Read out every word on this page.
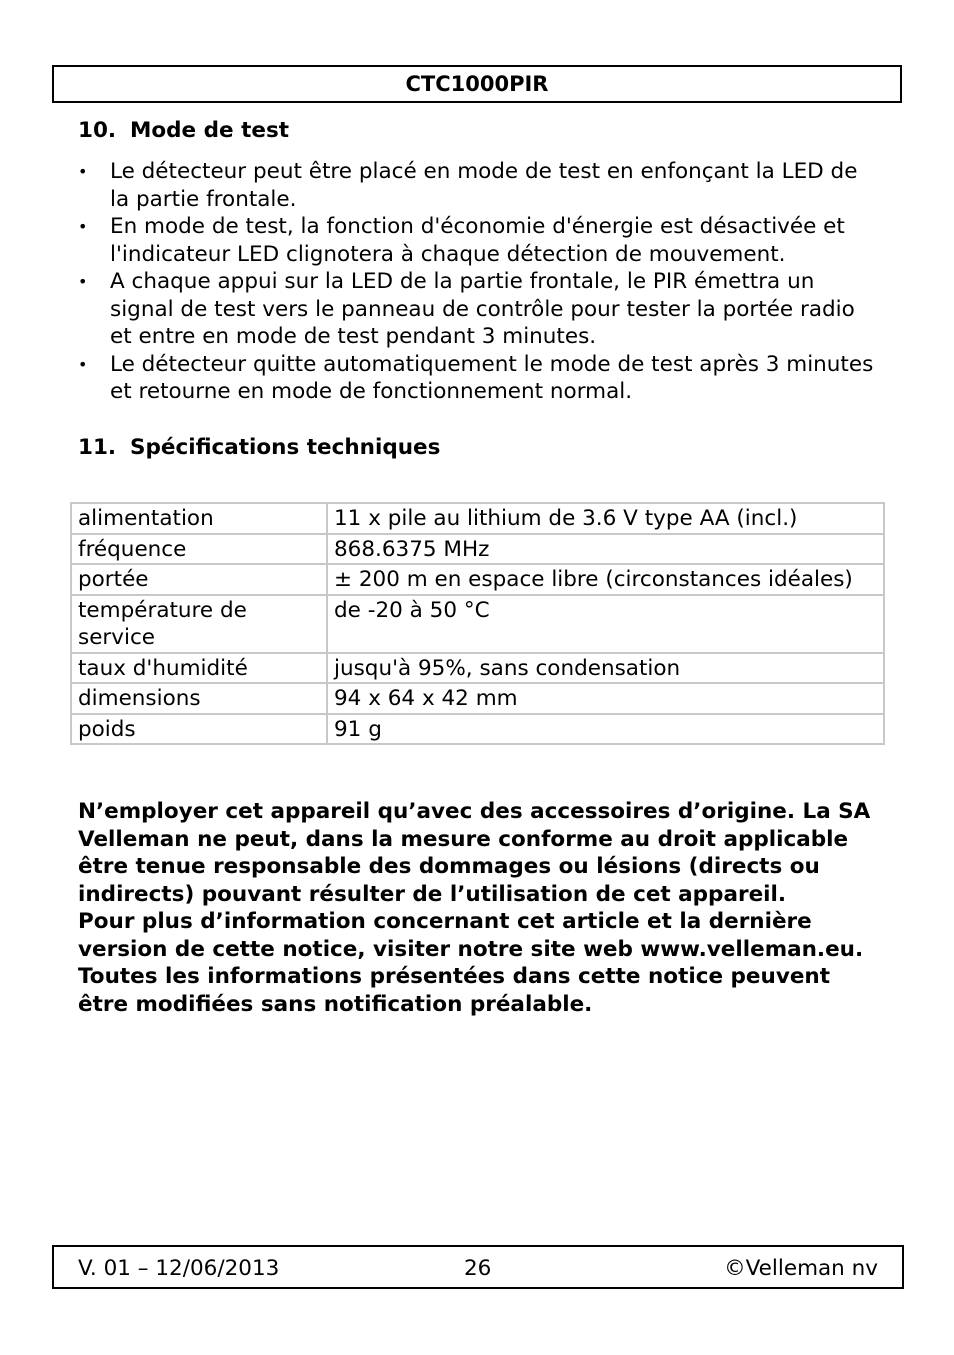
CTC1000PIR
10. Mode de test
•	Le détecteur peut être placé en mode de test en enfonçant la LED de la partie frontale.
•	En mode de test, la fonction d'économie d'énergie est désactivée et l'indicateur LED clignotera à chaque détection de mouvement.
•	A chaque appui sur la LED de la partie frontale, le PIR émettra un signal de test vers le panneau de contrôle pour tester la portée radio et entre en mode de test pendant 3 minutes.
•	Le détecteur quitte automatiquement le mode de test après 3 minutes et retourne en mode de fonctionnement normal.
11. Spécifications techniques
alimentation	11 x pile au lithium de 3.6 V type AA (incl.)
fréquence	868.6375 MHz
portée	± 200 m en espace libre (circonstances idéales)
température de service	de -20 à 50 °C
taux d'humidité	jusqu'à 95%, sans condensation
dimensions	94 x 64 x 42 mm
poids	91 g

N’employer cet appareil qu’avec des accessoires d’origine. La SA Velleman ne peut, dans la mesure conforme au droit applicable être tenue responsable des dommages ou lésions (directs ou indirects) pouvant résulter de l’utilisation de cet appareil.

Pour plus d’information concernant cet article et la dernière version de cette notice, visiter notre site web www.velleman.eu.

Toutes les informations présentées dans cette notice peuvent être modifiées sans notification préalable.

V. 01 – 12/06/2013	26	©Velleman nv
